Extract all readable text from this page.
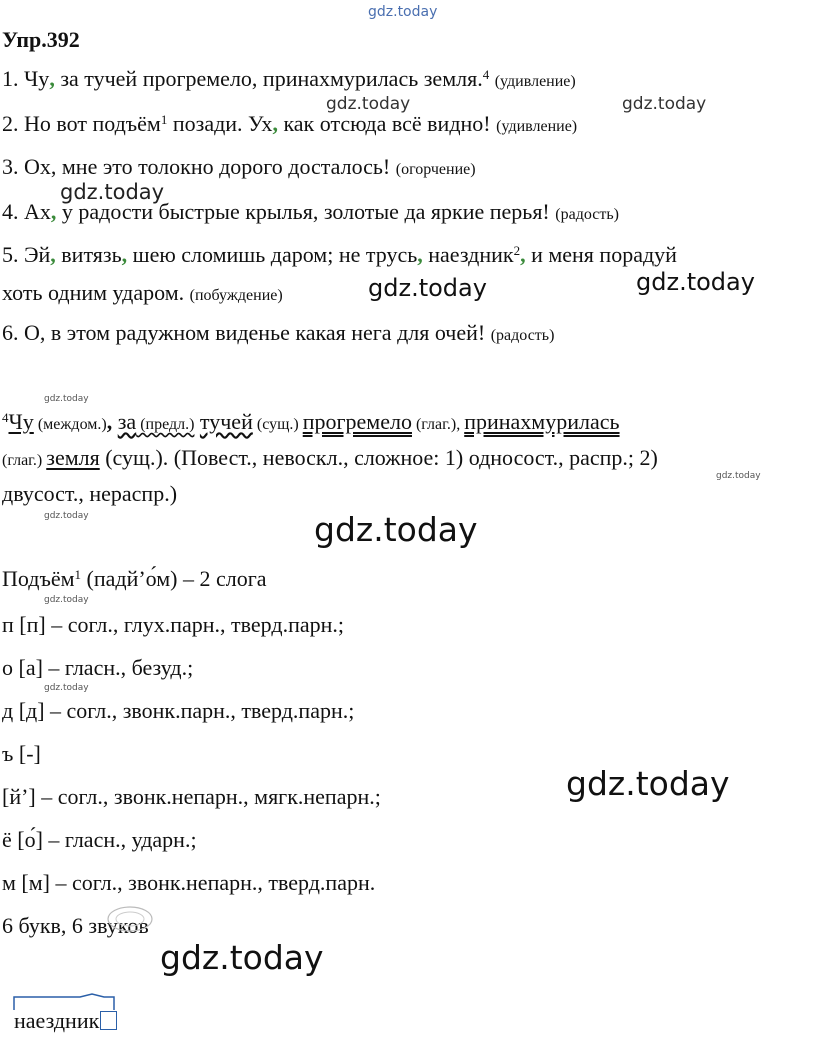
gdz.today
gdz.today	gdz.today
gdz.today
gdz.today	gdz.today
gdz.today
gdz.today
gdz.today	gdz.today
gdz.today
gdz.today
gdz.today
gdz.today
Упр.392
1. Чу, за тучей прогремело, принахмурилась земля.$^4$ (удивление)
2. Но вот подъём$^1$ позади. Ух, как отсюда всё видно! (удивление)
3. Ох, мне это толокно дорого досталось! (огорчение)
4. Ах, у радости быстрые крылья, золотые да яркие перья! (радость)
5. Эй, витязь, шею сломишь даром; не трусь, наездник$^2$, и меня порадуй
хоть одним ударом. (побуждение)
6. О, в этом радужном виденье какая нега для очей! (радость)
$^4$Чу (междом.), за (предл.) тучей (сущ.) прогремело (глаг.), принахмурилась
(глаг.) земля (сущ.). (Повест., невоскл., сложное: 1) односост., распр.; 2)
двусост., нераспр.)
Подъём$^1$ (падй’о́м) – 2 слога
п [п] – согл., глух.парн., тверд.парн.;
о [а] – гласн., безуд.;
д [д] – согл., звонк.парн., тверд.парн.;
ъ [-]
[й’] – согл., звонк.непарн., мягк.непарн.;
ё [о́] – гласн., ударн.;
м [м] – согл., звонк.непарн., тверд.парн.
6 букв, 6 звуков
наездник
